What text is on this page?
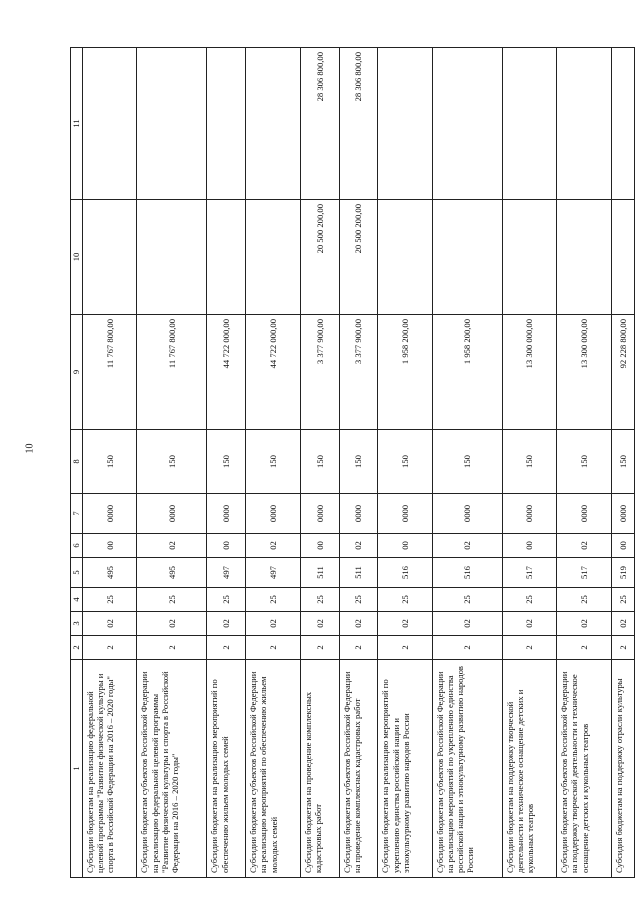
10
1	2	3	4	5	6	7	8	9	10	11
Субсидии бюджетам на реализацию федеральной целевой программы "Развитие физической культуры и спорта в Российской Федерации на 2016 – 2020 годы"	2	02	25	495	00	0000	150	11 767 800,00		
Субсидии бюджетам субъектов Российской Федерации на реализацию федеральной целевой программы "Развитие физической культуры и спорта в Российской Федерации на 2016 – 2020 годы"	2	02	25	495	02	0000	150	11 767 800,00		
Субсидии бюджетам на реализацию мероприятий по обеспечению жильем молодых семей	2	02	25	497	00	0000	150	44 722 000,00		
Субсидии бюджетам субъектов Российской Федерации на реализацию мероприятий по обеспечению жильем молодых семей	2	02	25	497	02	0000	150	44 722 000,00		
Субсидии бюджетам на проведение комплексных кадастровых работ	2	02	25	511	00	0000	150	3 377 900,00	20 500 200,00	28 306 800,00
Субсидии бюджетам субъектов Российской Федерации на проведение комплексных кадастровых работ	2	02	25	511	02	0000	150	3 377 900,00	20 500 200,00	28 306 800,00
Субсидии бюджетам на реализацию мероприятий по укреплению единства российской нации и этнокультурному развитию народов России	2	02	25	516	00	0000	150	1 958 200,00		
Субсидии бюджетам субъектов Российской Федерации на реализацию мероприятий по укреплению единства российской нации и этнокультурному развитию народов России	2	02	25	516	02	0000	150	1 958 200,00		
Субсидии бюджетам на поддержку творческой деятельности и техническое оснащение детских и кукольных театров	2	02	25	517	00	0000	150	13 300 000,00		
Субсидии бюджетам субъектов Российской Федерации на поддержку творческой деятельности и техническое оснащение детских и кукольных театров	2	02	25	517	02	0000	150	13 300 000,00		
Субсидия бюджетам на поддержку отрасли культуры	2	02	25	519	00	0000	150	92 228 800,00		
